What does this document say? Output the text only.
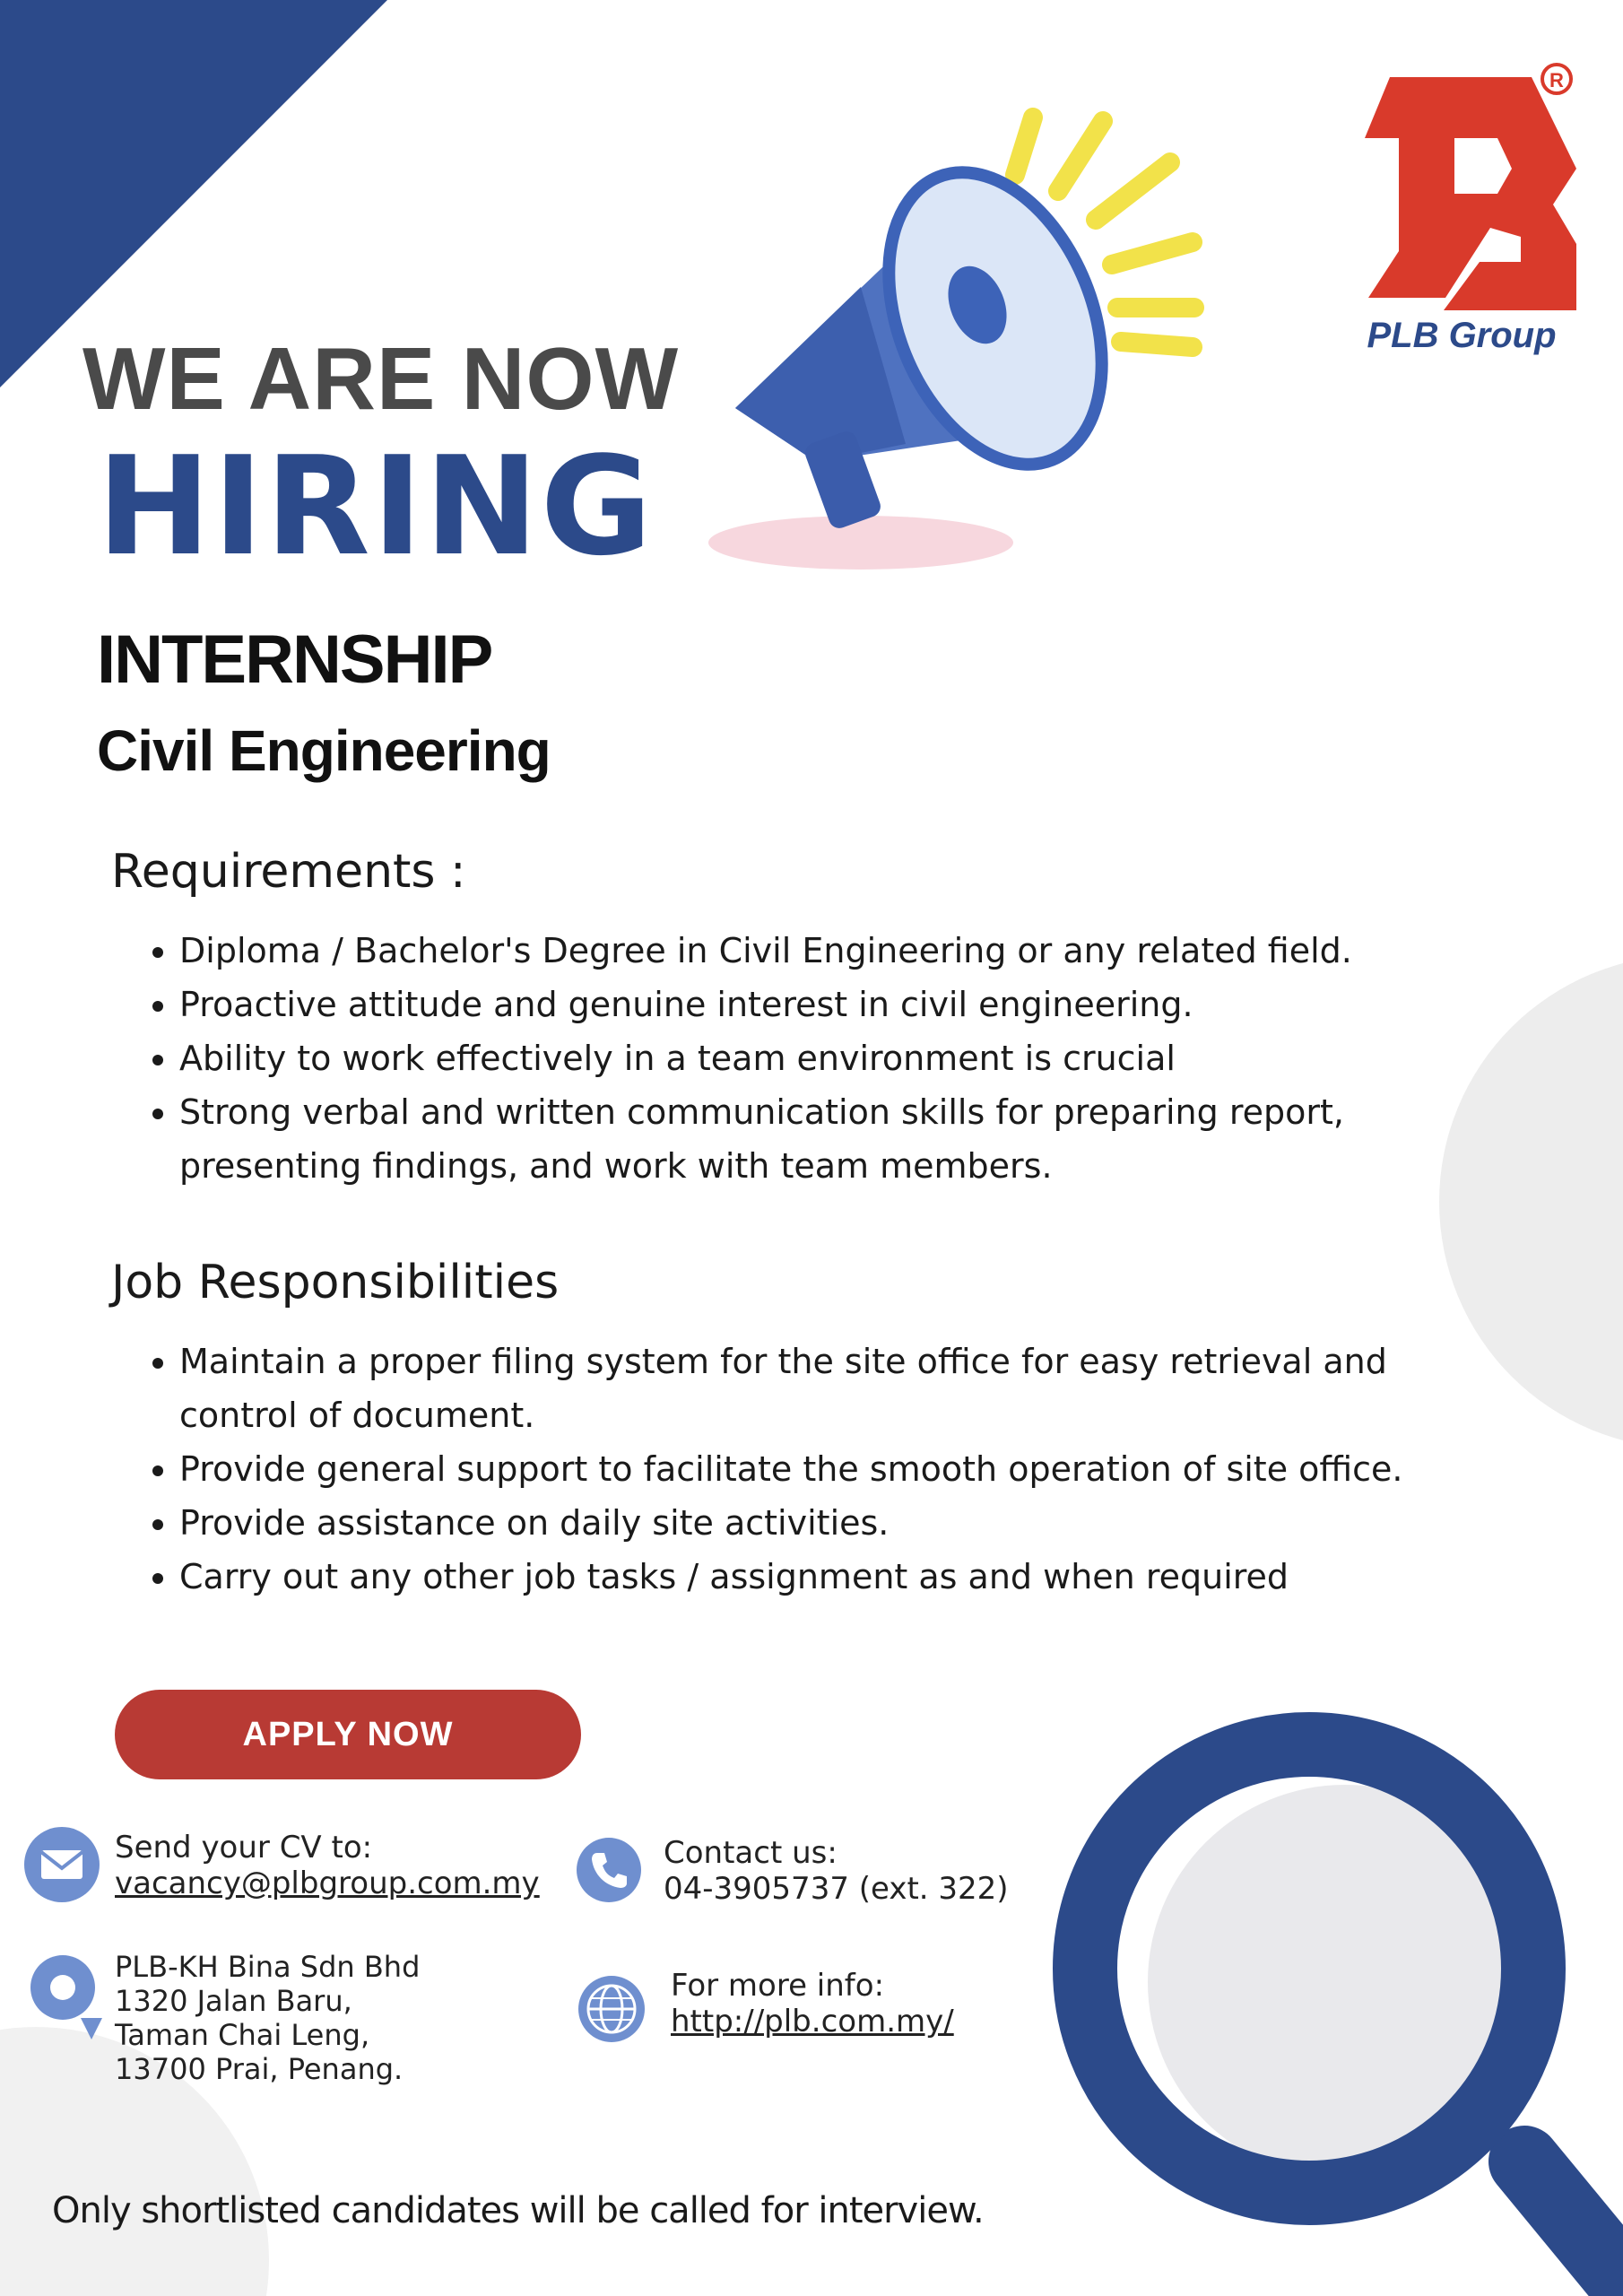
R
PLB Group
WE ARE NOW
HIRING
INTERNSHIP
Civil Engineering
Requirements :
• Diploma / Bachelor's Degree in Civil Engineering or any related field.
• Proactive attitude and genuine interest in civil engineering.
• Ability to work effectively in a team environment is crucial
• Strong verbal and written communication skills for preparing report, presenting findings, and work with team members.
Job Responsibilities
• Maintain a proper filing system for the site office for easy retrieval and control of document.
• Provide general support to facilitate the smooth operation of site office.
• Provide assistance on daily site activities.
• Carry out any other job tasks / assignment as and when required
APPLY NOW
Send your CV to:
vacancy@plbgroup.com.my
Contact us:
04-3905737 (ext. 322)
PLB-KH Bina Sdn Bhd
1320 Jalan Baru,
Taman Chai Leng,
13700 Prai, Penang.
For more info:
http://plb.com.my/
Only shortlisted candidates will be called for interview.
